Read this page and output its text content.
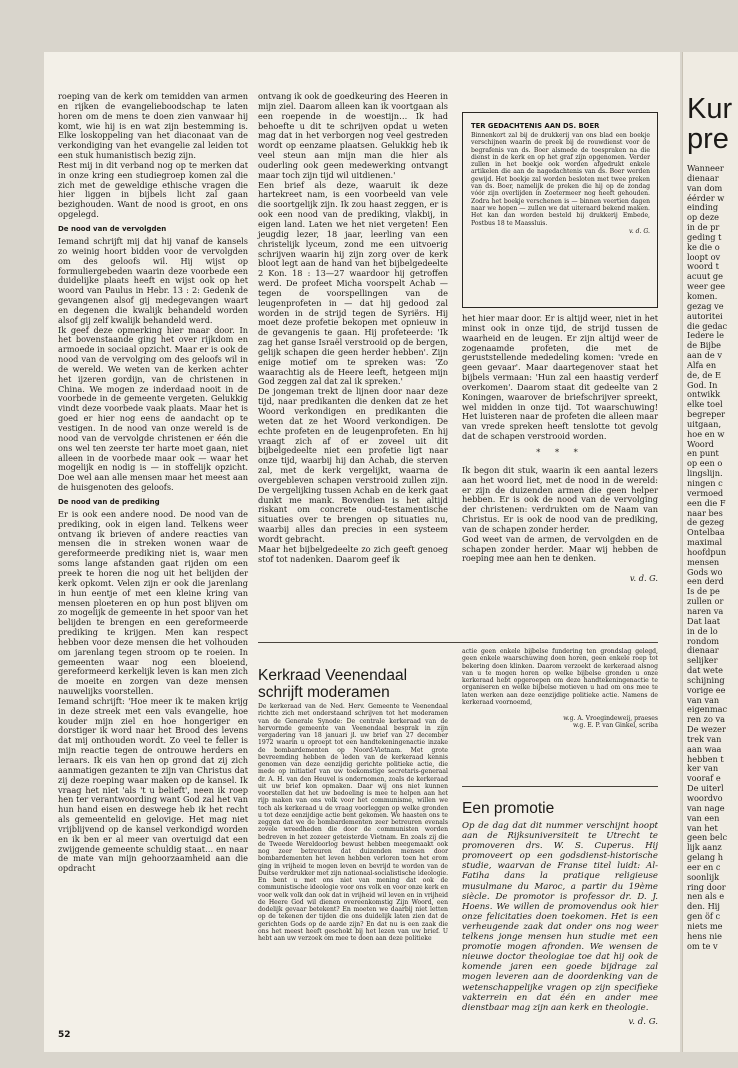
roeping van de kerk om temidden van armen en rijken de evangelieboodschap te laten horen om de mens te doen zien vanwaar hij komt, wie hij is en wat zijn bestemming is. Elke loskoppeling van het diaconaat van de verkondiging van het evangelie zal leiden tot een stuk humanistisch bezig zijn.

Rest mij in dit verband nog op te merken dat in onze kring een studiegroep komen zal die zich met de geweldige ethische vragen die hier liggen in bijbels licht zal gaan bezighouden. Want de nood is groot, en ons opgelegd.

De nood van de vervolgden

Iemand schrijft mij dat hij vanaf de kansels zo weinig hoort bidden voor de vervolgden om des geloofs wil. Hij wijst op formuliergebeden waarin deze voorbede een duidelijke plaats heeft en wijst ook op het woord van Paulus in Hebr. 13 : 2: Gedenk de gevangenen alsof gij medegevangen waart en degenen die kwalijk behandeld worden alsof gij zelf kwalijk behandeld werd.

Ik geef deze opmerking hier maar door. In het bovenstaande ging het over rijkdom en armoede in sociaal opzicht. Maar er is ook de nood van de vervolging om des geloofs wil in de wereld. We weten van de kerken achter het ijzeren gordijn, van de christenen in China. We mogen ze inderdaad nooit in de voorbede in de gemeente vergeten. Gelukkig vindt deze voorbede vaak plaats. Maar het is goed er hier nog eens de aandacht op te vestigen. In de nood van onze wereld is de nood van de vervolgde christenen er één die ons wel ten zeerste ter harte moet gaan, niet alleen in de voorbede maar ook — waar het mogelijk en nodig is — in stoffelijk opzicht. Doe wel aan alle mensen maar het meest aan de huisgenoten des geloofs.

De nood van de prediking

Er is ook een andere nood. De nood van de prediking, ook in eigen land. Telkens weer ontvang ik brieven of andere reacties van mensen die in streken wonen waar de gereformeerde prediking niet is, waar men soms lange afstanden gaat rijden om een preek te horen die nog uit het belijden der kerk opkomt. Velen zijn er ook die jarenlang in hun eentje of met een kleine kring van mensen ploeteren en op hun post blijven om zo mogelijk de gemeente in het spoor van het belijden te brengen en een gereformeerde prediking te krijgen. Men kan respect hebben voor deze mensen die het volhouden om jarenlang tegen stroom op te roeien. In gemeenten waar nog een bloeiend, gereformeerd kerkelijk leven is kan men zich de moeite en zorgen van deze mensen nauwelijks voorstellen.

Iemand schrijft: 'Hoe meer ik te maken krijg in deze streek met een vals evangelie, hoe kouder mijn ziel en hoe hongeriger en dorstiger ik word naar het Brood des levens dat mij onthouden wordt. Zo veel te feller is mijn reactie tegen de ontrouwe herders en leraars. Ik eis van hen op grond dat zij zich aanmatigen gezanten te zijn van Christus dat zij deze roeping waar maken op de kansel. Ik vraag het niet 'als 't u belieft', neen ik roep hen ter verantwoording want God zal het van hun hand eisen en deswege heb ik het recht als gemeentelid en gelovige. Het mag niet vrijblijvend op de kansel verkondigd worden en ik ben er al meer van overtuigd dat een zwijgende gemeente schuldig staat… en naar de mate van mijn gehoorzaamheid aan die opdracht

ontvang ik ook de goedkeuring des Heeren in mijn ziel. Daarom alleen kan ik voortgaan als een roepende in de woestijn… Ik had behoefte u dit te schrijven opdat u weten mag dat in het verborgen nog veel gestreden wordt op eenzame plaatsen. Gelukkig heb ik veel steun aan mijn man die hier als ouderling ook geen medewerking ontvangt maar toch zijn tijd wil uitdienen.'

Een brief als deze, waaruit ik deze hartekreet nam, is een voorbeeld van vele die soortgelijk zijn. Ik zou haast zeggen, er is ook een nood van de prediking, vlakbij, in eigen land. Laten we het niet vergeten! Een jeugdig lezer, 18 jaar, leerling van een christelijk lyceum, zond me een uitvoerig schrijven waarin hij zijn zorg over de kerk bloot legt aan de hand van het bijbelgedeelte 2 Kon. 18 : 13—27 waardoor hij getroffen werd. De profeet Micha voorspelt Achab — tegen de voorspellingen van de leugenprofeten in — dat hij gedood zal worden in de strijd tegen de Syriërs. Hij moet deze profetie bekopen met opnieuw in de gevangenis te gaan. Hij profeteerde: 'Ik zag het ganse Israël verstrooid op de bergen, gelijk schapen die geen herder hebben'. Zijn enige motief om te spreken was: 'Zo waarachtig als de Heere leeft, hetgeen mijn God zeggen zal dat zal ik spreken.'

De jongeman trekt de lijnen door naar deze tijd, naar predikanten die denken dat ze het Woord verkondigen en predikanten die weten dat ze het Woord verkondigen. De echte profeten en de leugenprofeten. En hij vraagt zich af of er zoveel uit dit bijbelgedeelte niet een profetie ligt naar onze tijd, waarbij hij dan Achab, die sterven zal, met de kerk vergelijkt, waarna de overgebleven schapen verstrooid zullen zijn. De vergelijking tussen Achab en de kerk gaat dunkt me mank. Bovendien is het altijd riskant om concrete oud-testamentische situaties over te brengen op situaties nu, waarbij alles dan precies in een systeem wordt gebracht.

Maar het bijbelgedeelte zo zich geeft genoeg stof tot nadenken. Daarom geef ik

TER GEDACHTENIS AAN DS. BOER

Binnenkort zal bij de drukkerij van ons blad een boekje verschijnen waarin de preek bij de rouwdienst voor de begrafenis van ds. Boer alsmede de toespraken na die dienst in de kerk en op het graf zijn opgenomen. Verder zullen in het boekje ook worden afgedrukt enkele artikelen die aan de nagedachtenis van ds. Boer werden gewijd. Het boekje zal worden besloten met twee preken van ds. Boer, namelijk de preken die hij op de zondag vóór zijn overlijden in Zoetermeer nog heeft gehouden. Zodra het boekje verschenen is — binnen veertien dagen naar we hopen — zullen we dat uiteraard bekend maken. Het kan dan worden besteld bij drukkerij Embede, Postbus 18 te Maassluis.

v. d. G.

het hier maar door. Er is altijd weer, niet in het minst ook in onze tijd, de strijd tussen de waarheid en de leugen. Er zijn altijd weer de zogenaamde profeten, die met de geruststellende mededeling komen: 'vrede en geen gevaar'. Maar daartegenover staat het bijbels vermaan: 'Hun zal een haastig verderf overkomen'. Daarom staat dit gedeelte van 2 Koningen, waarover de briefschrijver spreekt, wel midden in onze tijd. Tot waarschuwing! Het luisteren naar de profeten die alleen maar van vrede spreken heeft tenslotte tot gevolg dat de schapen verstrooid worden.

* * *

Ik begon dit stuk, waarin ik een aantal lezers aan het woord liet, met de nood in de wereld: er zijn de duizenden armen die geen helper hebben. Er is ook de nood van de vervolging der christenen: verdrukten om de Naam van Christus. Er is ook de nood van de prediking, van de schapen zonder herder.

God weet van de armen, de vervolgden en de schapen zonder herder. Maar wij hebben de roeping mee aan hen te denken.

v. d. G.
Kerkraad Veenendaal schrijft moderamen

De kerkeraad van de Ned. Herv. Gemeente te Veenendaal richtte zich met onderstaand schrijven tot het moderamen van de Generale Synode: De centrale kerkeraad van de hervormde gemeente van Veenendaal besprak in zijn vergadering van 18 januari jl. uw brief van 27 december 1972 waarin u oproept tot een handtekeningenactie inzake de bombardementen op Noord-Vietnam. Met grote bevreemding hebben de leden van de kerkeraad kennis genomen van deze eenzijdig gerichte politieke actie, die mede op initiatief van uw toekomstige secretaris-generaal dr. A. H. van den Heuvel is ondernomen, zoals de kerkeraad uit uw brief kon opmaken. Daar wij ons niet kunnen voorstellen dat het uw bedoeling is mee te helpen aan het rijp maken van ons volk voor het communisme, willen we toch als kerkeraad u de vraag voorleggen op welke gronden u tot deze eenzijdige actie bent gekomen. We haasten ons te zeggen dat we de bombardementen zeer betreuren evenals zovele wreedheden die door de communisten worden bedreven in het zozeer geteisterde Vietnam. En zoals zij die de Tweede Wereldoorlog bewust hebben meegemaakt ook nog zeer betreuren dat duizenden mensen door bombardementen het leven hebben verloren toen het erom ging in vrijheid te mogen leven en bevrijd te worden van de Duitse verdrukker met zijn nationaal-socialistische ideologie. En bent u met ons niet van mening dat ook de communistische ideologie voor ons volk en voor onze kerk en voor welk volk dan ook dat in vrijheid wil leven en in vrijheid de Heere God wil dienen overeenkomstig Zijn Woord, een dodelijk gevaar betekent? En moeten we daarbij niet letten op de tekenen der tijden die ons duidelijk laten zien dat de gerichten Gods op de aarde zijn? En dat nu is een zaak die ons het meest heeft geschokt bij het lezen van uw brief. U hebt aan uw verzoek om mee te doen aan deze politieke

actie geen enkele bijbelse fundering ten grondslag gelegd, geen enkele waarschuwing doen horen, geen enkele roep tot bekering doen klinken. Daarom verzoekt de kerkeraad alsnog van u te mogen horen op welke bijbelse gronden u onze kerkeraad hebt opgeroepen om deze handtekeningenactie te organiseren en welke bijbelse motieven u had om ons mee te laten werken aan deze eenzijdige politieke actie. Namens de kerkeraad voornoemd,

w.g. A. Vroegindeweij, praeses
w.g. E. P. van Ginkel, scriba
Een promotie

Op de dag dat dit nummer verschijnt hoopt aan de Rijksuniversiteit te Utrecht te promoveren drs. W. S. Cuperus. Hij promoveert op een godsdienst-historische studie, waarvan de Franse titel luidt: Al-Fatiha dans la pratique religieuse musulmane du Maroc, a partir du 19ème siècle. De promotor is professor dr. D. J. Hoens. We willen de promovendus ook hier onze felicitaties doen toekomen. Het is een verheugende zaak dat onder ons nog weer telkens jonge mensen hun studie met een promotie mogen afronden. We wensen de nieuwe doctor theologiae toe dat hij ook de komende jaren een goede bijdrage zal mogen leveren aan de doordenking van de wetenschappelijke vragen op zijn specifieke vakterrein en dat één en ander mee dienstbaar mag zijn aan kerk en theologie.

v. d. G.
52
Kur
pre
Wanneer
dienaar
van dom
éérder w
einding
op deze
in de pr
geding t
ke die o
loopt ov
woord t
acuut ge
weer gee
komen.
gezag ve
autoritei
die gedac
Iedere le
de Bijbe
aan de v
Alfa en
de, de E
God. In
ontwikk
elke toel
begreper
uitgaan,
hoe en w
Woord
en punt
op een o
lingslijn.
ningen c
vermoed
een die F
naar bes
de gezeg
Ontelbaa
maximal
hoofdpun
mensen
Gods wo
een derd
Is de pe
zullen or
naren va
Dat laat
in de lo
rondom
dienaar
selijker
dat wete
schijning
vorige ee
van van
eigenmac
ren zo va
De wezer
trek van
aan waa
hebben t
ker van
vooraf e
De uiterl
woordvo
van nage
van een
van het
geen belc
lijk aanz
gelang h
eer en c
soonlijk
ring door
nen als e
den. Hij
gen öf c
niets me
hens nie
om te v
